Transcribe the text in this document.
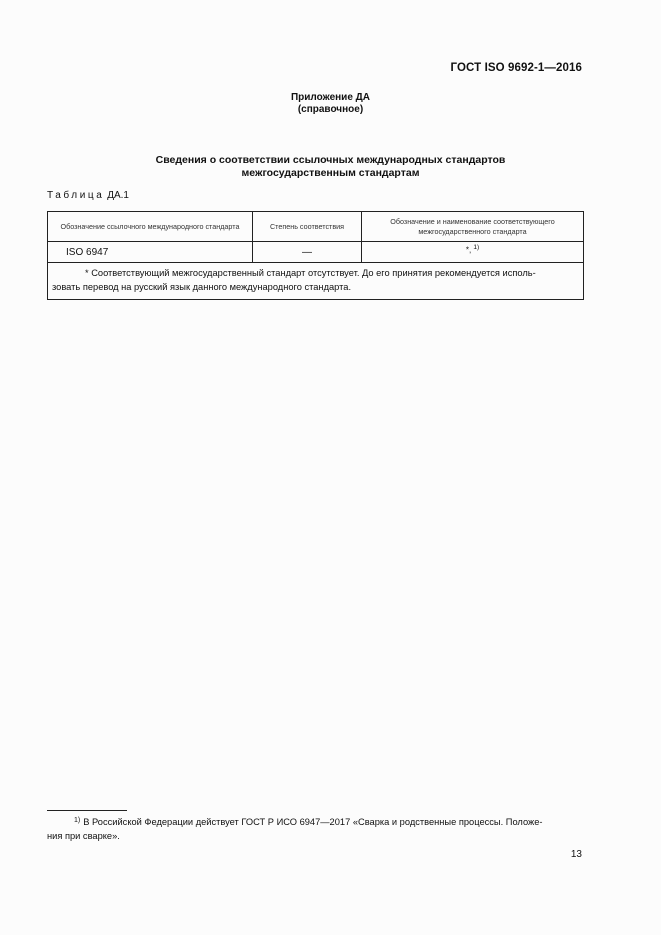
ГОСТ ISO 9692-1—2016
Приложение ДА
(справочное)
Сведения о соответствии ссылочных международных стандартов
межгосударственным стандартам
Таблица ДА.1
Обозначение ссылочного международного стандарта	Степень соответствия	Обозначение и наименование соответствующего межгосударственного стандарта
ISO 6947	—	*, $^{1)}$

* Соответствующий межгосударственный стандарт отсутствует. До его принятия рекомендуется исполь-
зовать перевод на русский язык данного международного стандарта.		
$^{1)}$ В Российской Федерации действует ГОСТ Р ИСО 6947—2017 «Сварка и родственные процессы. Положе-
ния при сварке».
13
